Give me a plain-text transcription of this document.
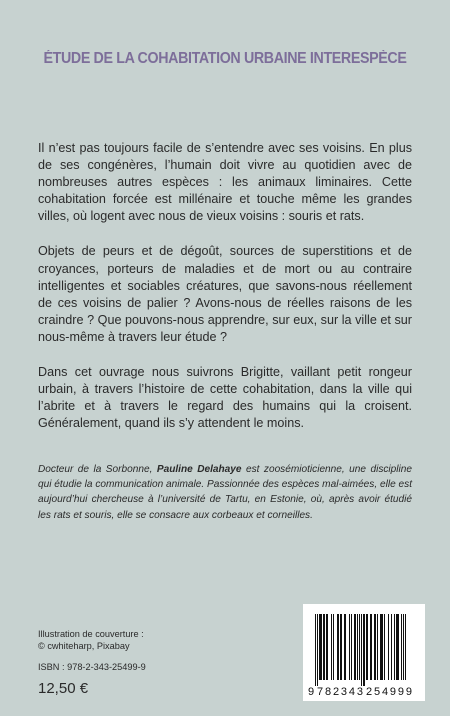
ÉTUDE DE LA COHABITATION URBAINE INTERESPÈCE

Il n’est pas toujours facile de s’entendre avec ses voisins. En plus de ses congénères, l’humain doit vivre au quotidien avec de nombreuses autres espèces : les animaux liminaires. Cette cohabitation forcée est millénaire et touche même les grandes villes, où logent avec nous de vieux voisins : souris et rats.

Objets de peurs et de dégoût, sources de superstitions et de croyances, porteurs de maladies et de mort ou au contraire intelligentes et sociables créatures, que savons-nous réellement de ces voisins de palier ? Avons-nous de réelles raisons de les craindre ? Que pouvons-nous apprendre, sur eux, sur la ville et sur nous-même à travers leur étude ?

Dans cet ouvrage nous suivrons Brigitte, vaillant petit rongeur urbain, à travers l’histoire de cette cohabitation, dans la ville qui l’abrite et à travers le regard des humains qui la croisent. Généralement, quand ils s’y attendent le moins.

Docteur de la Sorbonne, Pauline Delahaye est zoosémioticienne, une discipline qui étudie la communication animale. Passionnée des espèces mal-aimées, elle est aujourd’hui chercheuse à l’université de Tartu, en Estonie, où, après avoir étudié les rats et souris, elle se consacre aux corbeaux et corneilles.

Illustration de couverture :
© cwhiteharp, Pixabay
ISBN : 978-2-343-25499-9
12,50 €	9 782343 254999
